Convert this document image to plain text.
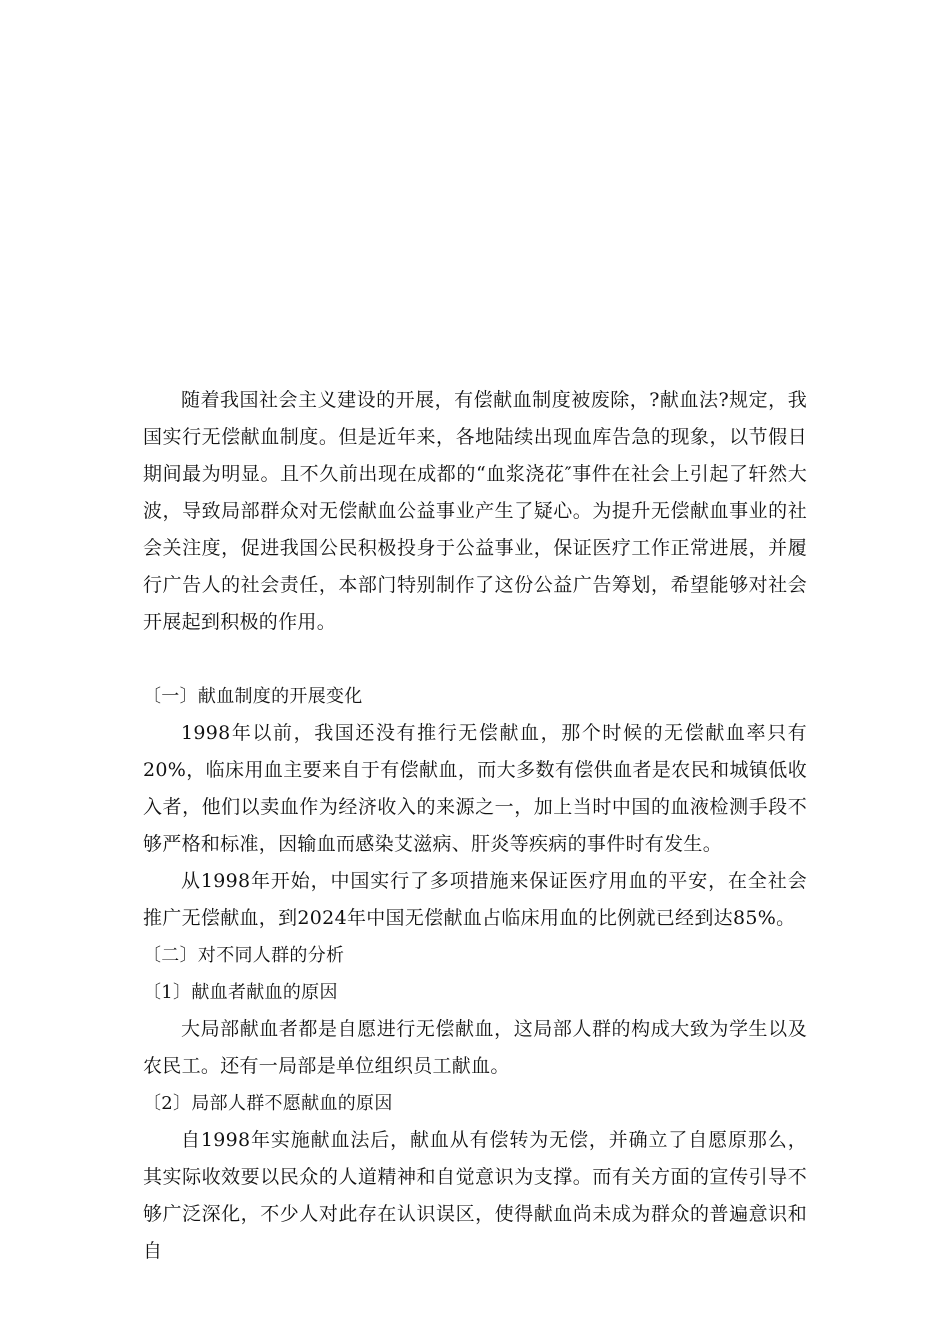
随着我国社会主义建设的开展，有偿献血制度被废除，?献血法?规定，我国实行无偿献血制度。但是近年来，各地陆续出现血库告急的现象，以节假日期间最为明显。且不久前出现在成都的“血浆浇花″事件在社会上引起了轩然大波，导致局部群众对无偿献血公益事业产生了疑心。为提升无偿献血事业的社会关注度，促进我国公民积极投身于公益事业，保证医疗工作正常进展，并履行广告人的社会责任，本部门特别制作了这份公益广告筹划，希望能够对社会开展起到积极的作用。

〔一〕献血制度的开展变化

1998年以前，我国还没有推行无偿献血，那个时候的无偿献血率只有20%，临床用血主要来自于有偿献血，而大多数有偿供血者是农民和城镇低收入者，他们以卖血作为经济收入的来源之一，加上当时中国的血液检测手段不够严格和标准，因输血而感染艾滋病、肝炎等疾病的事件时有发生。

从1998年开始，中国实行了多项措施来保证医疗用血的平安，在全社会推广无偿献血，到2024年中国无偿献血占临床用血的比例就已经到达85%。

〔二〕对不同人群的分析

〔1〕献血者献血的原因

大局部献血者都是自愿进行无偿献血，这局部人群的构成大致为学生以及农民工。还有一局部是单位组织员工献血。

〔2〕局部人群不愿献血的原因

自1998年实施献血法后，献血从有偿转为无偿，并确立了自愿原那么，其实际收效要以民众的人道精神和自觉意识为支撑。而有关方面的宣传引导不够广泛深化，不少人对此存在认识误区，使得献血尚未成为群众的普遍意识和自
